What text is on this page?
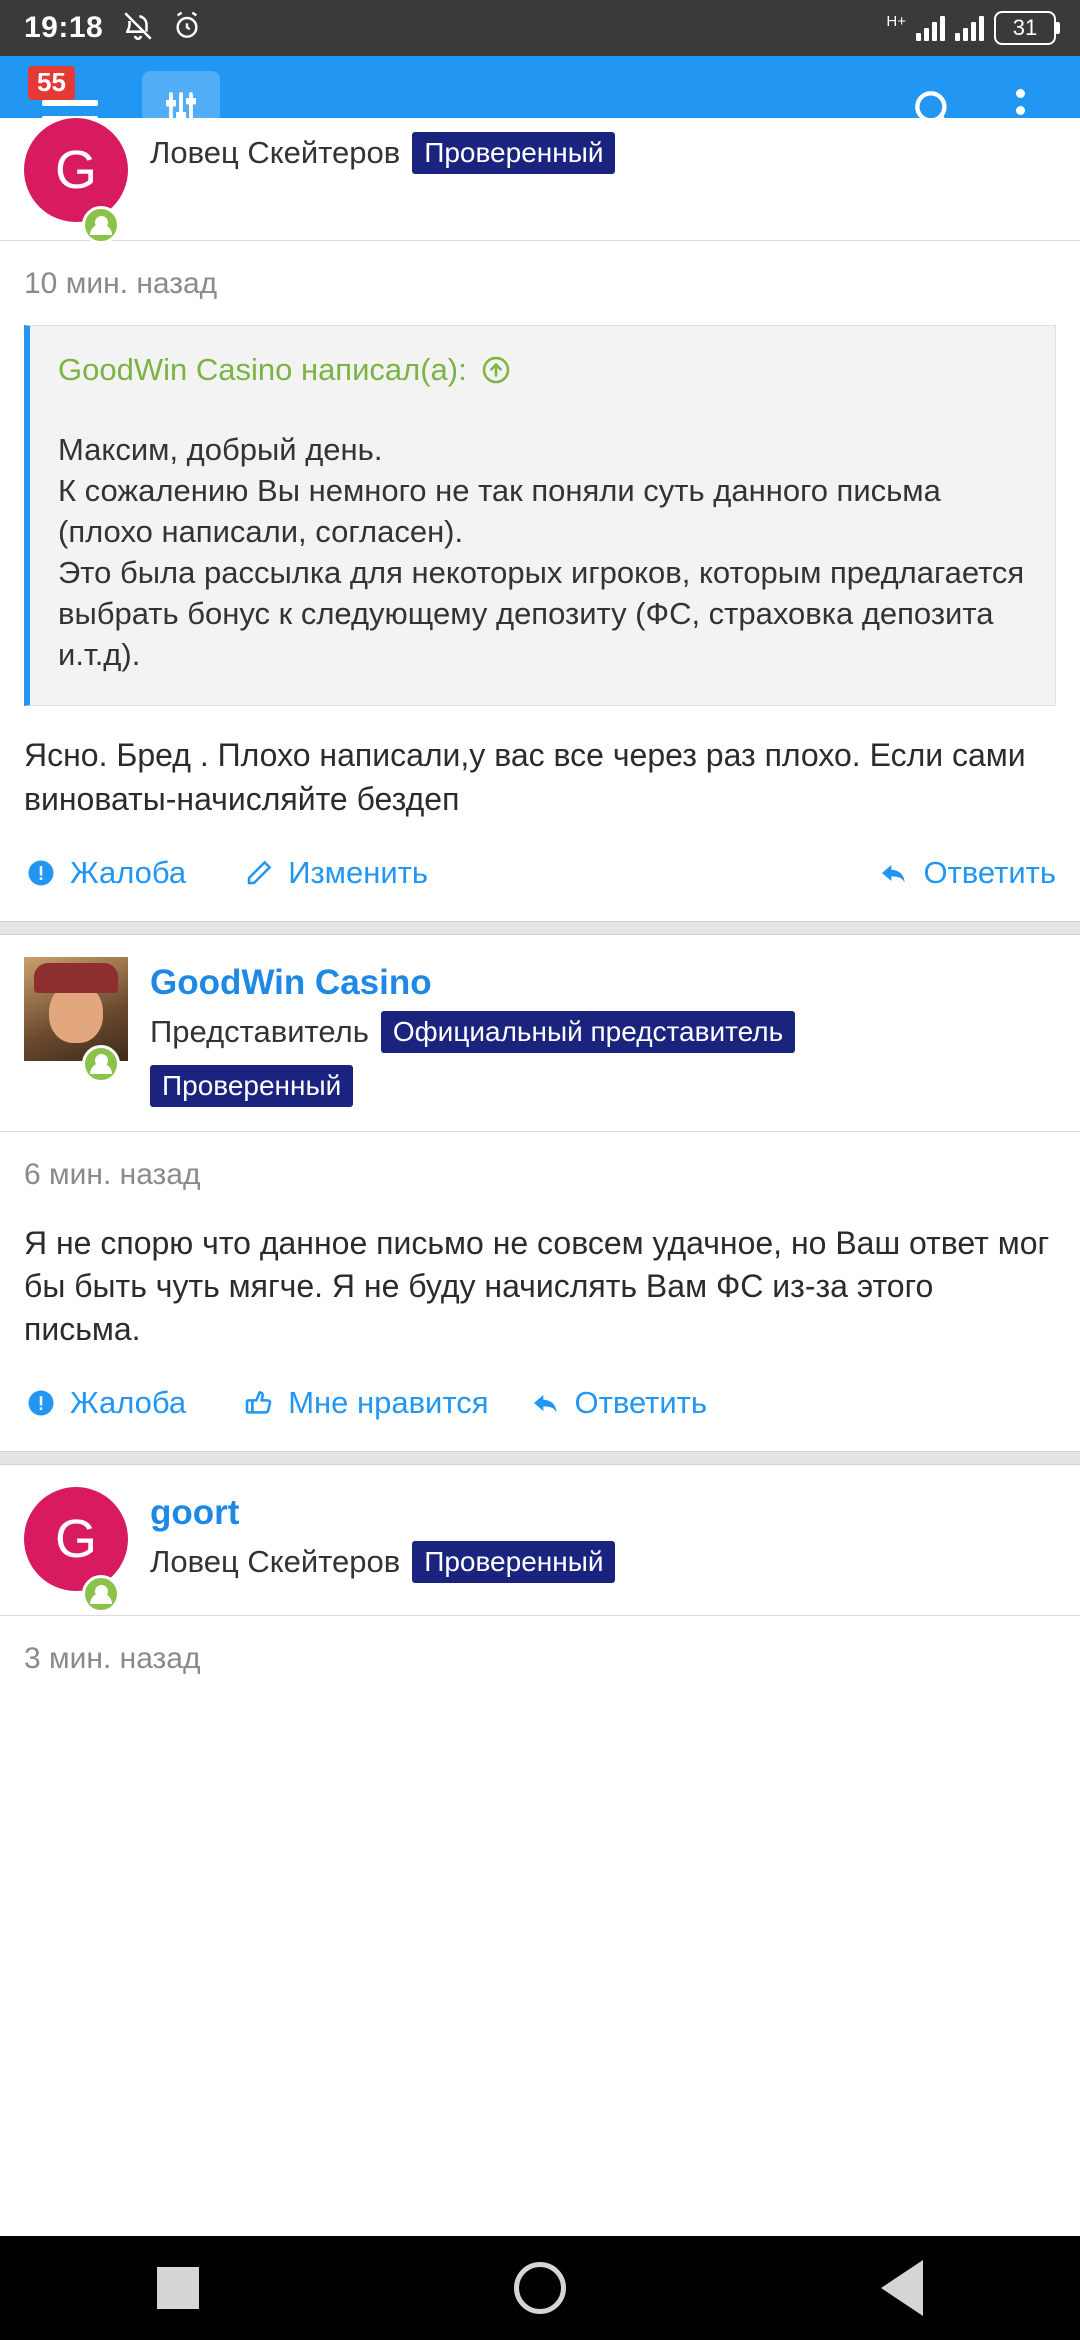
19:18	H+	31
55
G	Ловец Скейтеров Проверенный
10 мин. назад
GoodWin Casino написал(а):

Максим, добрый день.

К сожалению Вы немного не так поняли суть данного письма (плохо написали, согласен).

Это была рассылка для некоторых игроков, которым предлагается выбрать бонус к следующему депозиту (ФС, страховка депозита и.т.д).

Ясно. Бред . Плохо написали,у вас все через раз плохо. Если сами виноваты-начисляйте бездеп
Жалоба	Изменить	Ответить
GoodWin Casino
Представитель Официальный представитель
Проверенный
6 мин. назад
Я не спорю что данное письмо не совсем удачное, но Ваш ответ мог бы быть чуть мягче. Я не буду начислять Вам ФС из-за этого письма.
Жалоба	Мне нравится	Ответить
G	goort
Ловец Скейтеров Проверенный
3 мин. назад
